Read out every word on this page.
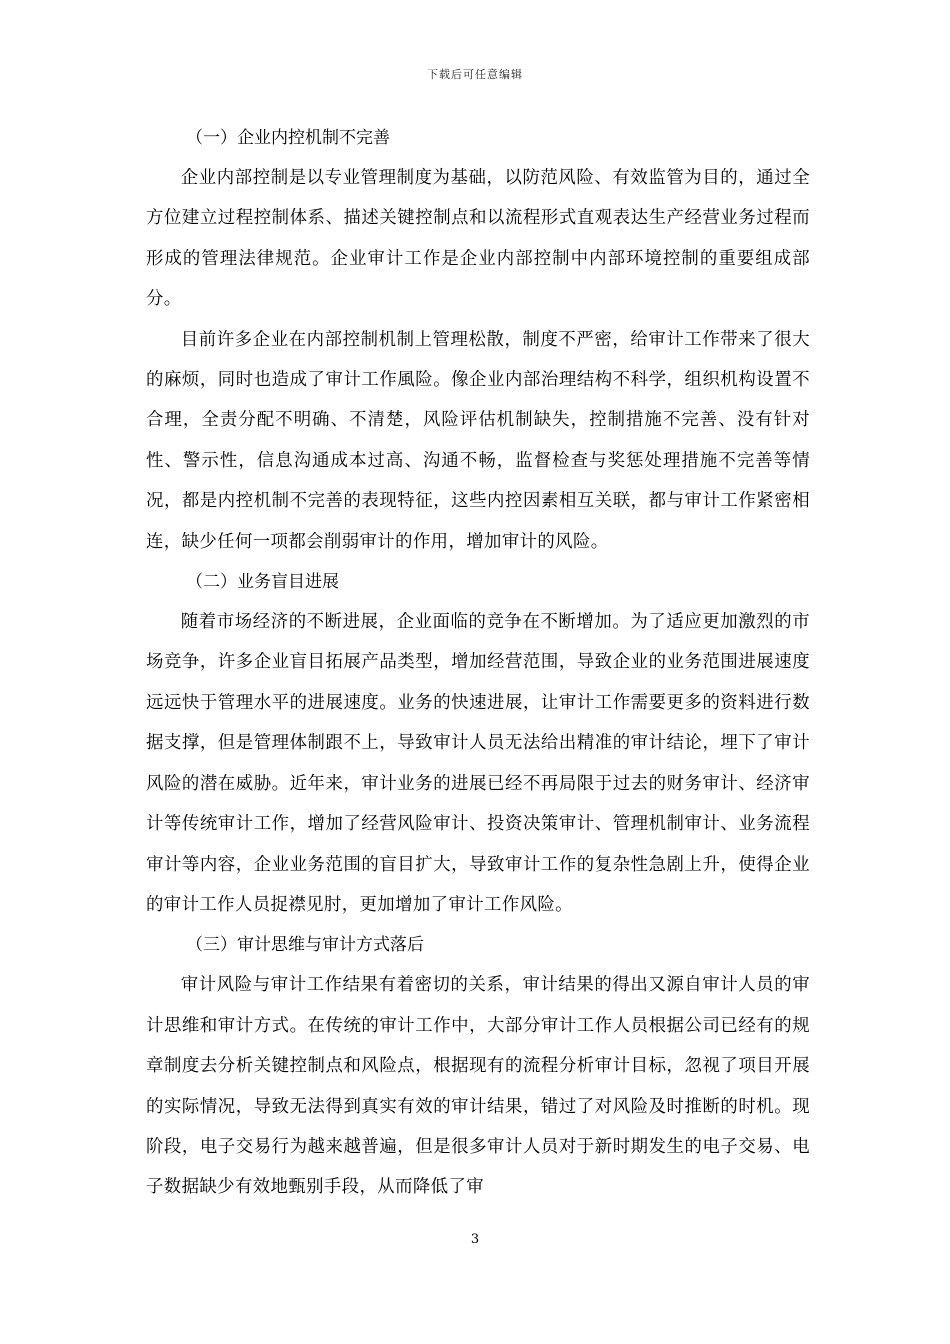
下载后可任意编辑
（一）企业内控机制不完善

企业内部控制是以专业管理制度为基础，以防范风险、有效监管为目的，通过全方位建立过程控制体系、描述关键控制点和以流程形式直观表达生产经营业务过程而形成的管理法律规范。企业审计工作是企业内部控制中内部环境控制的重要组成部分。

目前许多企业在内部控制机制上管理松散，制度不严密，给审计工作带来了很大的麻烦，同时也造成了审计工作風险。像企业内部治理结构不科学，组织机构设置不合理，全责分配不明确、不清楚，风险评估机制缺失，控制措施不完善、没有针对性、警示性，信息沟通成本过高、沟通不畅，监督检查与奖惩处理措施不完善等情况，都是内控机制不完善的表现特征，这些内控因素相互关联，都与审计工作紧密相连，缺少任何一项都会削弱审计的作用，增加审计的风险。

（二）业务盲目进展

随着市场经济的不断进展，企业面临的竞争在不断增加。为了适应更加激烈的市场竞争，许多企业盲目拓展产品类型，增加经营范围，导致企业的业务范围进展速度远远快于管理水平的进展速度。业务的快速进展，让审计工作需要更多的资料进行数据支撑，但是管理体制跟不上，导致审计人员无法给出精准的审计结论，埋下了审计风险的潜在威胁。近年来，审计业务的进展已经不再局限于过去的财务审计、经济审计等传统审计工作，增加了经营风险审计、投资决策审计、管理机制审计、业务流程审计等内容，企业业务范围的盲目扩大，导致审计工作的复杂性急剧上升，使得企业的审计工作人员捉襟见肘，更加增加了审计工作风险。

（三）审计思维与审计方式落后

审计风险与审计工作结果有着密切的关系，审计结果的得出又源自审计人员的审计思维和审计方式。在传统的审计工作中，大部分审计工作人员根据公司已经有的规章制度去分析关键控制点和风险点，根据现有的流程分析审计目标，忽视了项目开展的实际情况，导致无法得到真实有效的审计结果，错过了对风险及时推断的时机。现阶段，电子交易行为越来越普遍，但是很多审计人员对于新时期发生的电子交易、电子数据缺少有效地甄别手段，从而降低了审

3
